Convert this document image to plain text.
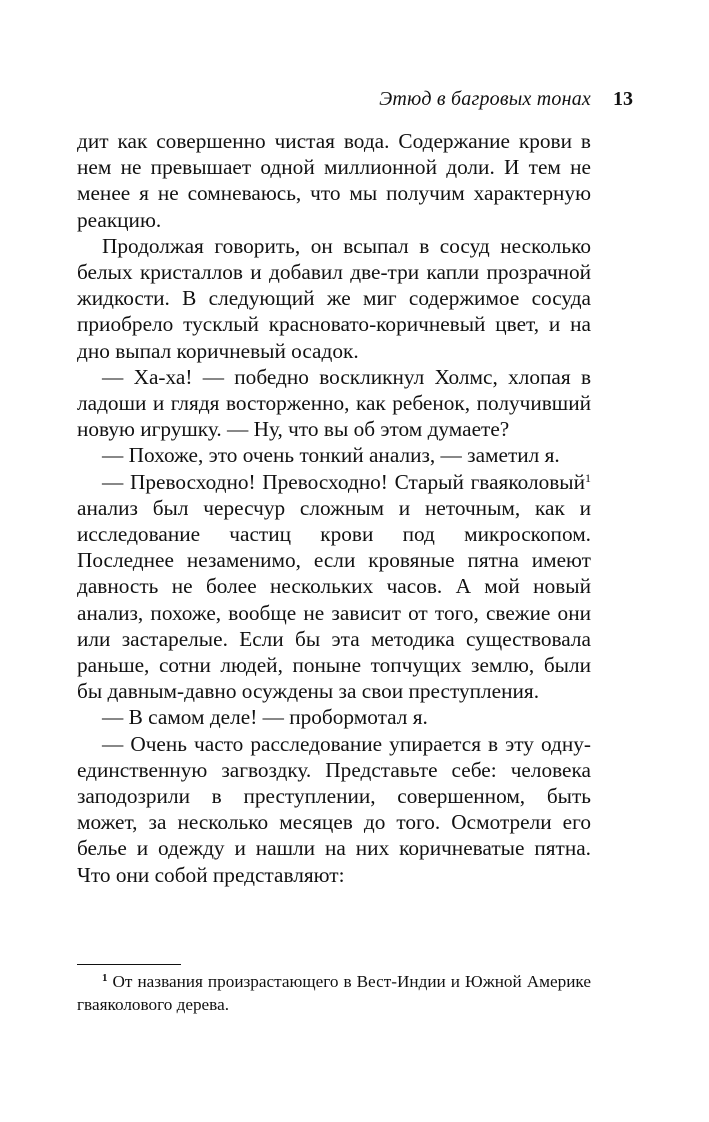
Этюд в багровых тонах	13

дит как совершенно чистая вода. Содержание крови в нем не превышает одной миллионной доли. И тем не менее я не сомневаюсь, что мы получим характерную реакцию.

Продолжая говорить, он всыпал в сосуд несколько белых кристаллов и добавил две-три капли прозрачной жидкости. В следующий же миг содержимое сосуда приобрело тусклый красновато-коричневый цвет, и на дно выпал коричневый осадок.

— Ха-ха! — победно воскликнул Холмс, хлопая в ладоши и глядя восторженно, как ребенок, получивший новую игрушку. — Ну, что вы об этом думаете?

— Похоже, это очень тонкий анализ, — заметил я.

— Превосходно! Превосходно! Старый гваяколовый$^1$ анализ был чересчур сложным и неточным, как и исследование частиц крови под микроскопом. Последнее незаменимо, если кровяные пятна имеют давность не более нескольких часов. А мой новый анализ, похоже, вообще не зависит от того, свежие они или застарелые. Если бы эта методика существовала раньше, сотни людей, поныне топчущих землю, были бы давным-давно осуждены за свои преступления.

— В самом деле! — пробормотал я.

— Очень часто расследование упирается в эту одну-единственную загвоздку. Представьте себе: человека заподозрили в преступлении, совершенном, быть может, за несколько месяцев до того. Осмотрели его белье и одежду и нашли на них коричневатые пятна. Что они собой представляют:

$^1$ От названия произрастающего в Вест-Индии и Южной Америке гваяколового дерева.
